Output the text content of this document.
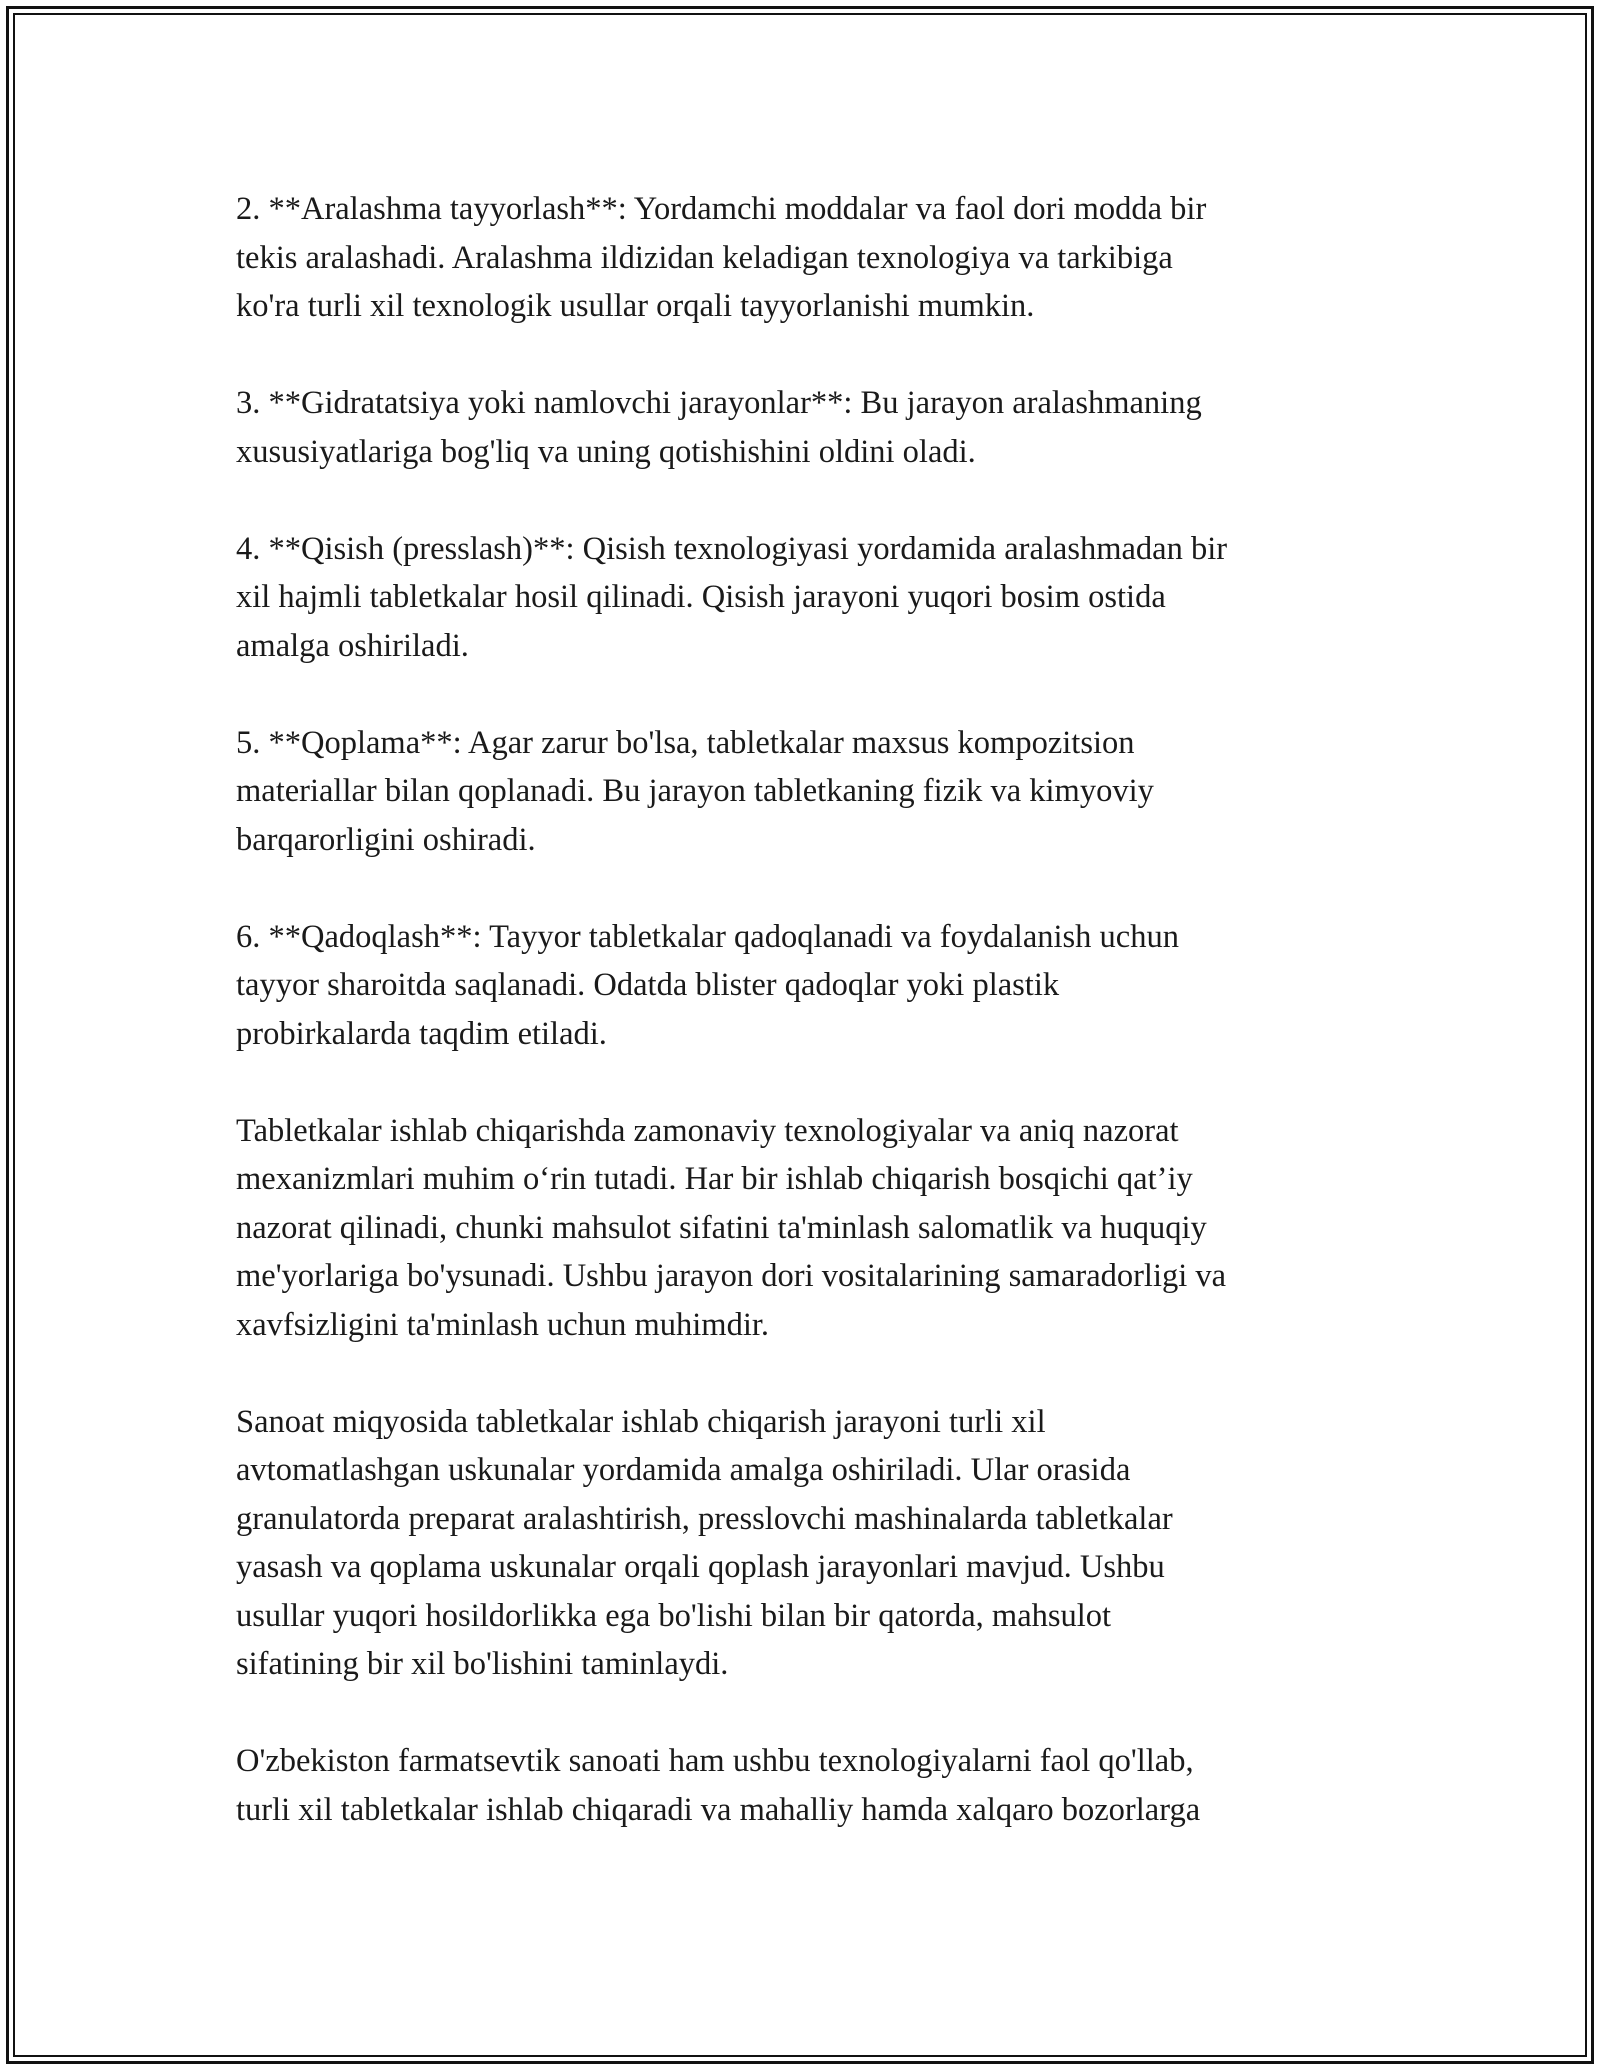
2. **Aralashma tayyorlash**: Yordamchi moddalar va faol dori modda bir
tekis aralashadi. Aralashma ildizidan keladigan texnologiya va tarkibiga
ko'ra turli xil texnologik usullar orqali tayyorlanishi mumkin.

3. **Gidratatsiya yoki namlovchi jarayonlar**: Bu jarayon aralashmaning
xususiyatlariga bog'liq va uning qotishishini oldini oladi.

4. **Qisish (presslash)**: Qisish texnologiyasi yordamida aralashmadan bir
xil hajmli tabletkalar hosil qilinadi. Qisish jarayoni yuqori bosim ostida
amalga oshiriladi.

5. **Qoplama**: Agar zarur bo'lsa, tabletkalar maxsus kompozitsion
materiallar bilan qoplanadi. Bu jarayon tabletkaning fizik va kimyoviy
barqarorligini oshiradi.

6. **Qadoqlash**: Tayyor tabletkalar qadoqlanadi va foydalanish uchun
tayyor sharoitda saqlanadi. Odatda blister qadoqlar yoki plastik
probirkalarda taqdim etiladi.

Tabletkalar ishlab chiqarishda zamonaviy texnologiyalar va aniq nazorat
mexanizmlari muhim o‘rin tutadi. Har bir ishlab chiqarish bosqichi qat’iy
nazorat qilinadi, chunki mahsulot sifatini ta'minlash salomatlik va huquqiy
me'yorlariga bo'ysunadi. Ushbu jarayon dori vositalarining samaradorligi va
xavfsizligini ta'minlash uchun muhimdir.

Sanoat miqyosida tabletkalar ishlab chiqarish jarayoni turli xil
avtomatlashgan uskunalar yordamida amalga oshiriladi. Ular orasida
granulatorda preparat aralashtirish, presslovchi mashinalarda tabletkalar
yasash va qoplama uskunalar orqali qoplash jarayonlari mavjud. Ushbu
usullar yuqori hosildorlikka ega bo'lishi bilan bir qatorda, mahsulot
sifatining bir xil bo'lishini taminlaydi.

O'zbekiston farmatsevtik sanoati ham ushbu texnologiyalarni faol qo'llab,
turli xil tabletkalar ishlab chiqaradi va mahalliy hamda xalqaro bozorlarga
